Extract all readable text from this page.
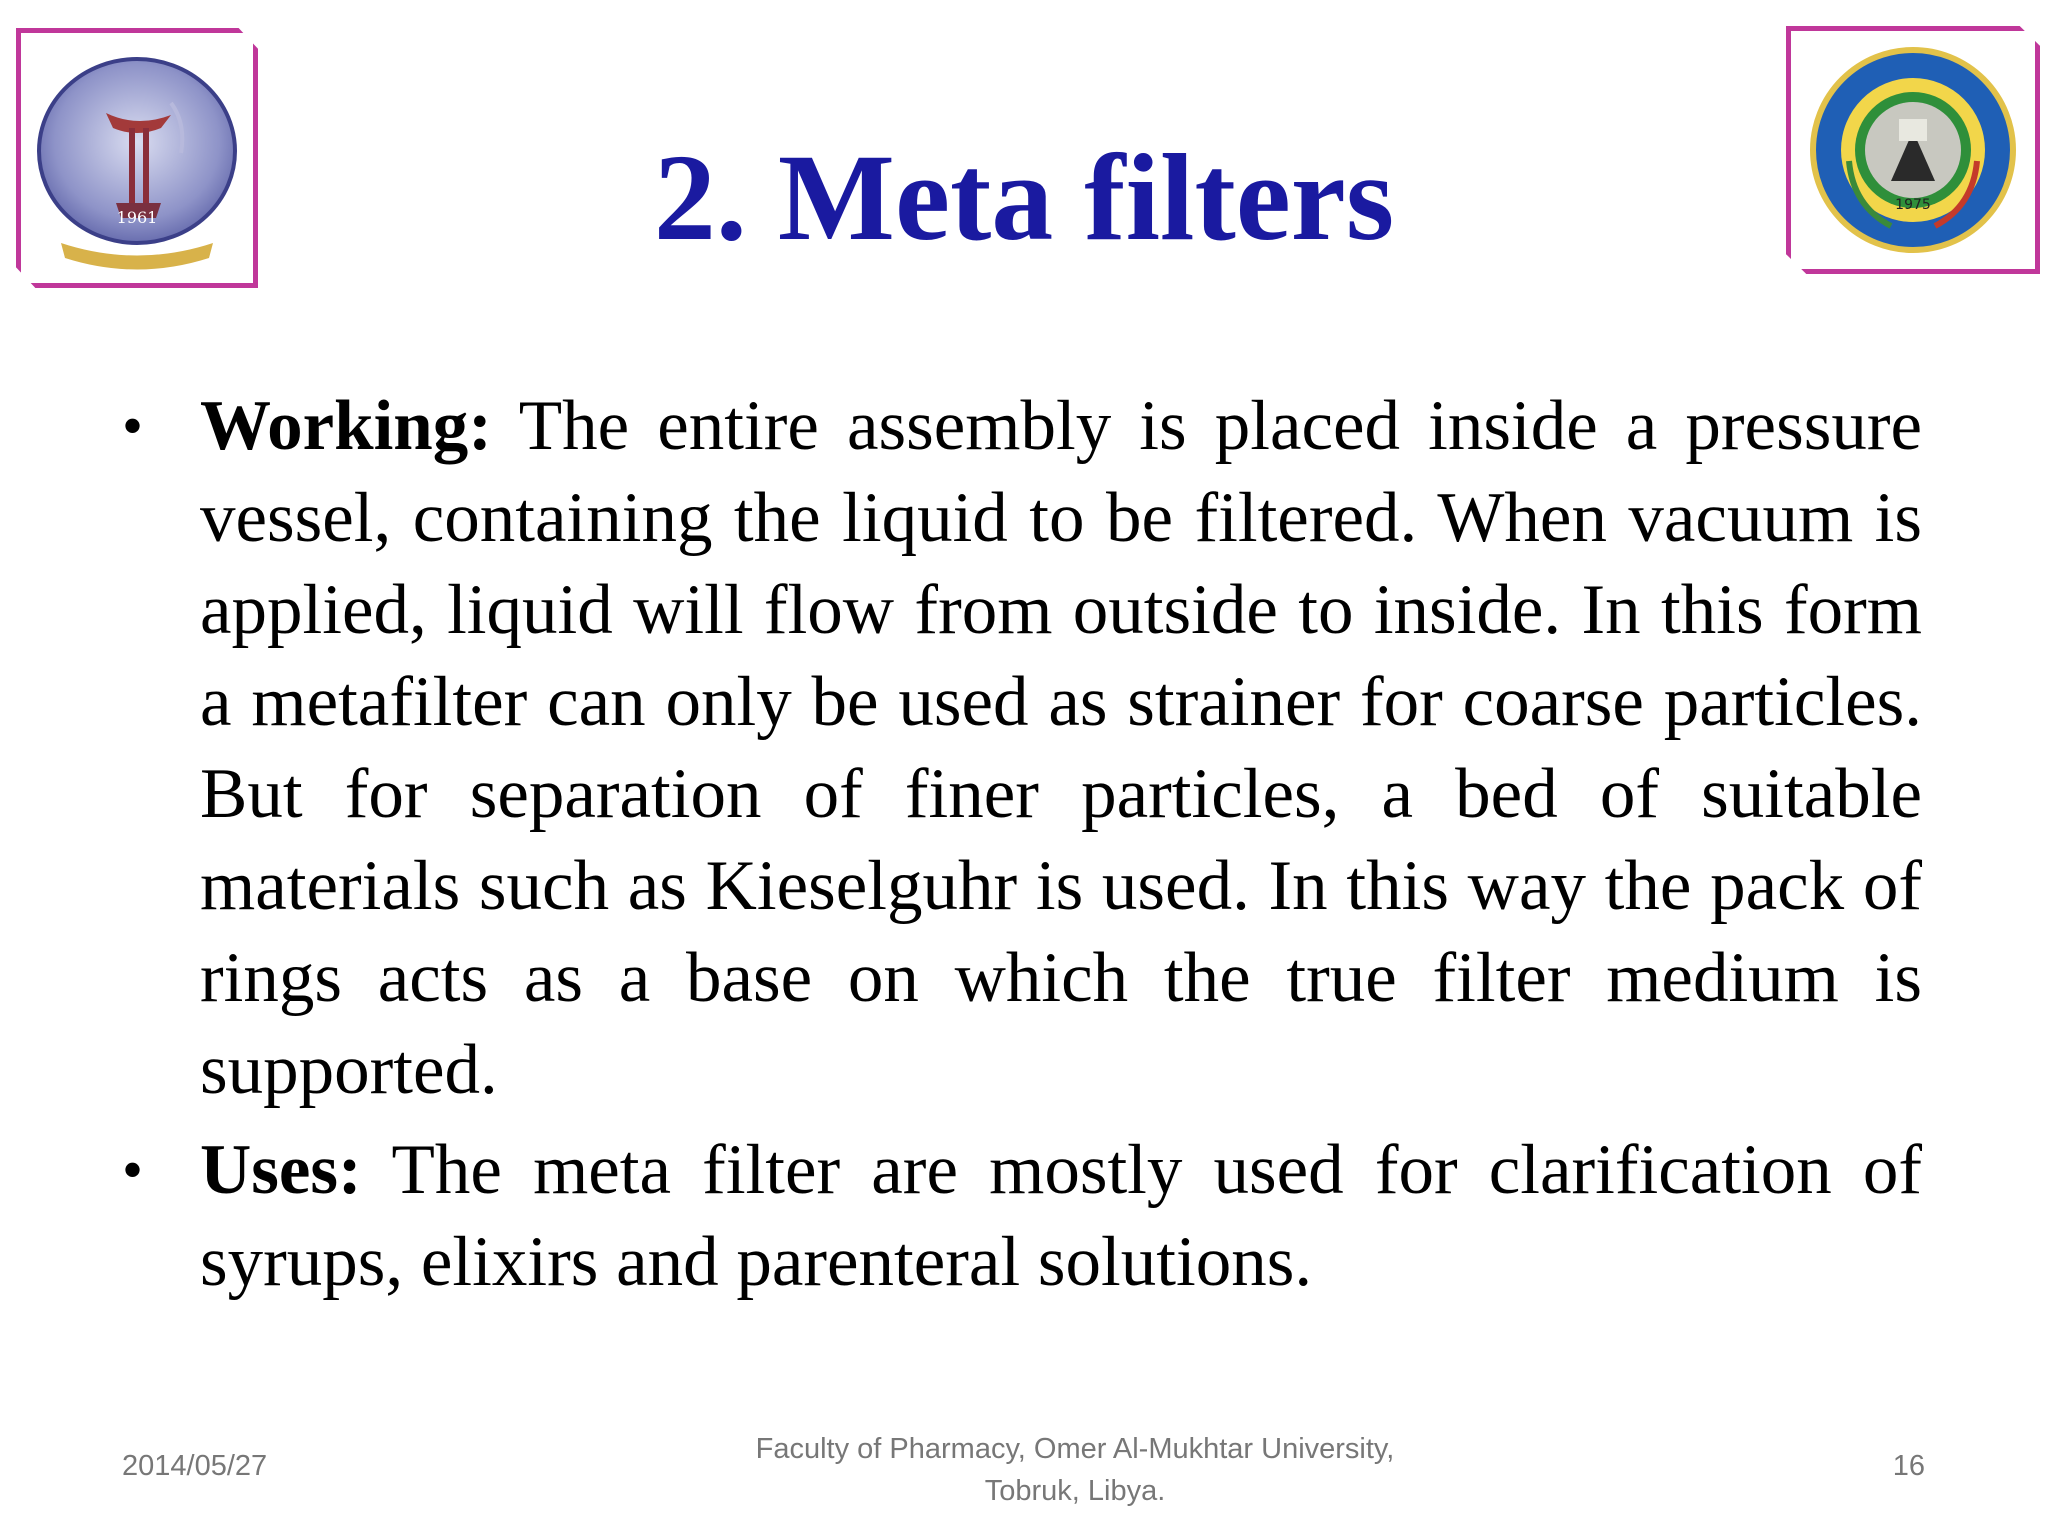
1961
1975
2. Meta filters
• Working: The entire assembly is placed inside a pressure vessel, containing the liquid to be filtered. When vacuum is applied, liquid will flow from outside to inside. In this form a metafilter can only be used as strainer for coarse particles. But for separation of finer particles, a bed of suitable materials such as Kieselguhr is used. In this way the pack of rings acts as a base on which the true filter medium is supported.
• Uses: The meta filter are mostly used for clarification of syrups, elixirs and parenteral solutions.
2014/05/27
Faculty of Pharmacy, Omer Al-Mukhtar University,
Tobruk, Libya.
16
